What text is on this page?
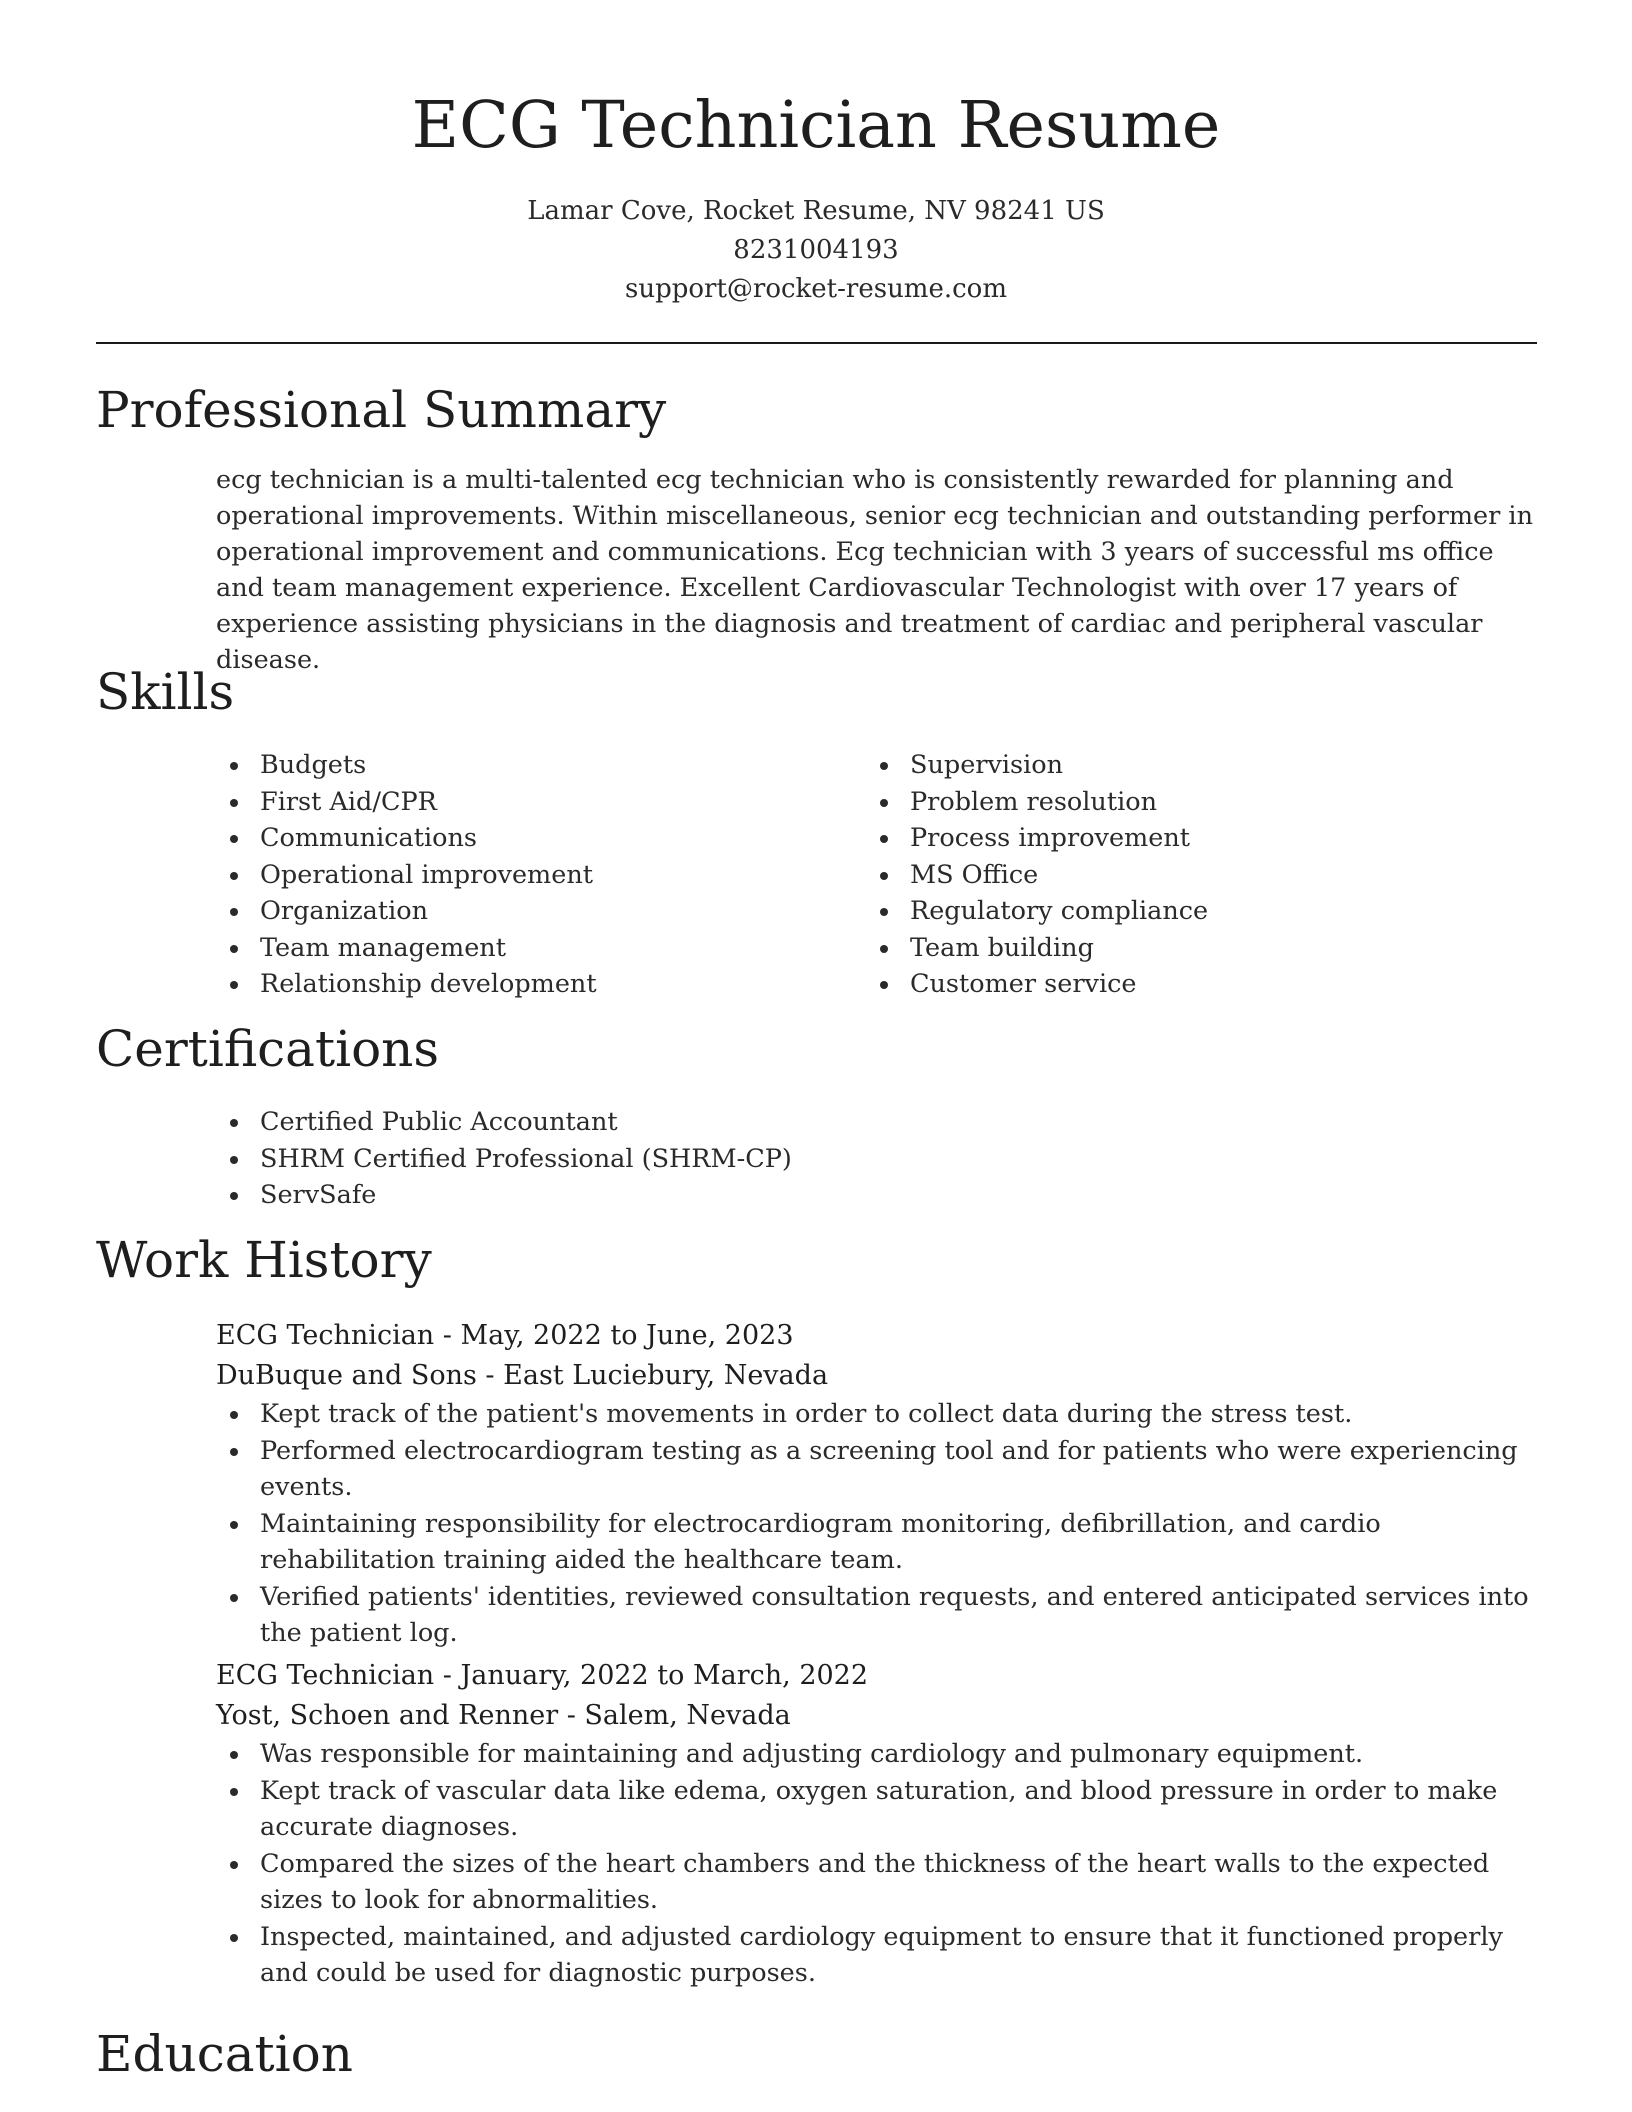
ECG Technician Resume
Lamar Cove, Rocket Resume, NV 98241 US
8231004193
support@rocket-resume.com
Professional Summary

ecg technician is a multi-talented ecg technician who is consistently rewarded for planning and operational improvements. Within miscellaneous, senior ecg technician and outstanding performer in operational improvement and communications. Ecg technician with 3 years of successful ms office and team management experience. Excellent Cardiovascular Technologist with over 17 years of experience assisting physicians in the diagnosis and treatment of cardiac and peripheral vascular disease.

Skills
Budgets
First Aid/CPR
Communications
Operational improvement
Organization
Team management
Relationship development
Supervision
Problem resolution
Process improvement
MS Office
Regulatory compliance
Team building
Customer service
Certifications
Certified Public Accountant
SHRM Certified Professional (SHRM-CP)
ServSafe
Work History
ECG Technician - May, 2022 to June, 2023
DuBuque and Sons - East Luciebury, Nevada
Kept track of the patient's movements in order to collect data during the stress test.
Performed electrocardiogram testing as a screening tool and for patients who were experiencing events.
Maintaining responsibility for electrocardiogram monitoring, defibrillation, and cardio rehabilitation training aided the healthcare team.
Verified patients' identities, reviewed consultation requests, and entered anticipated services into the patient log.
ECG Technician - January, 2022 to March, 2022
Yost, Schoen and Renner - Salem, Nevada
Was responsible for maintaining and adjusting cardiology and pulmonary equipment.
Kept track of vascular data like edema, oxygen saturation, and blood pressure in order to make accurate diagnoses.
Compared the sizes of the heart chambers and the thickness of the heart walls to the expected sizes to look for abnormalities.
Inspected, maintained, and adjusted cardiology equipment to ensure that it functioned properly and could be used for diagnostic purposes.
Education
